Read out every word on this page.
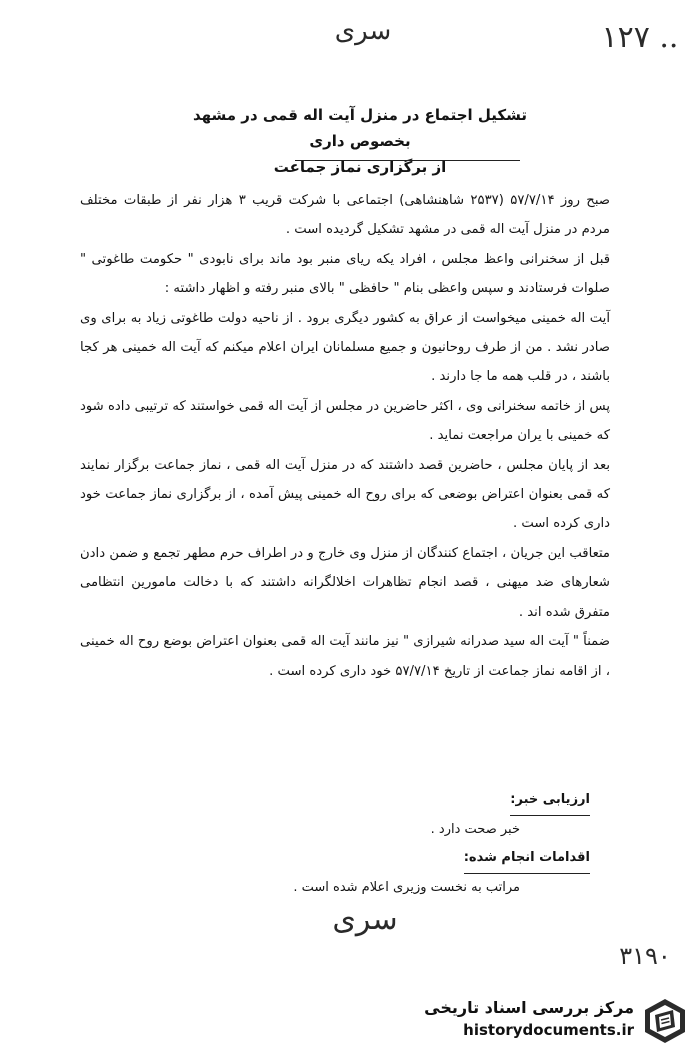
سری	۱۲۷ ..
تشکیل اجتماع در منزل آیت اله قمی در مشهد بخصوص داری
از برگزاری نماز جماعت

صبح روز ۵۷/۷/۱۴ (۲۵۳۷ شاهنشاهی) اجتماعی با شرکت قریب ۳ هزار نفر از طبقات مختلف مردم در منزل آیت اله قمی در مشهد تشکیل گردیده است .

قبل از سخنرانی واعظ مجلس ، افراد یکه ریای منبر بود ماند برای نابودی " حکومت طاغوتی " صلوات فرستادند و سپس واعظی بنام " حافظی " بالای منبر رفته و اظهار داشته :

آیت اله خمینی میخواست از عراق به کشور دیگری برود . از ناحیه دولت طاغوتی زیاد به برای وی صادر نشد . من از طرف روحانیون و جمیع مسلمانان ایران اعلام میکنم که آیت اله خمینی هر کجا باشند ، در قلب همه ما جا دارند .

پس از خاتمه سخنرانی وی ، اکثر حاضرین در مجلس از آیت اله قمی خواستند که ترتیبی داده شود که خمینی با یران مراجعت نماید .

بعد از پایان مجلس ، حاضرین قصد داشتند که در منزل آیت اله قمی ، نماز جماعت برگزار نمایند که قمی بعنوان اعتراض بوضعی که برای روح اله خمینی پیش آمده ، از برگزاری نماز جماعت خود داری کرده است .

متعاقب این جریان ، اجتماع کنندگان از منزل وی خارج و در اطراف حرم مطهر تجمع و ضمن دادن شعارهای ضد میهنی ، قصد انجام تظاهرات اخلالگرانه داشتند که با دخالت مامورین انتظامی متفرق شده اند .

ضمناً " آیت اله سید صدرانه شیرازی " نیز مانند آیت اله قمی بعنوان اعتراض بوضع روح اله خمینی ، از اقامه نماز جماعت از تاریخ ۵۷/۷/۱۴ خود داری کرده است .

ارزیابی خبر:
خبر صحت دارد .
اقدامات انجام شده:
مراتب به نخست وزیری اعلام شده است .
سری
۳۱۹۰
مرکز بررسی اسناد تاریخی
historydocuments.ir
